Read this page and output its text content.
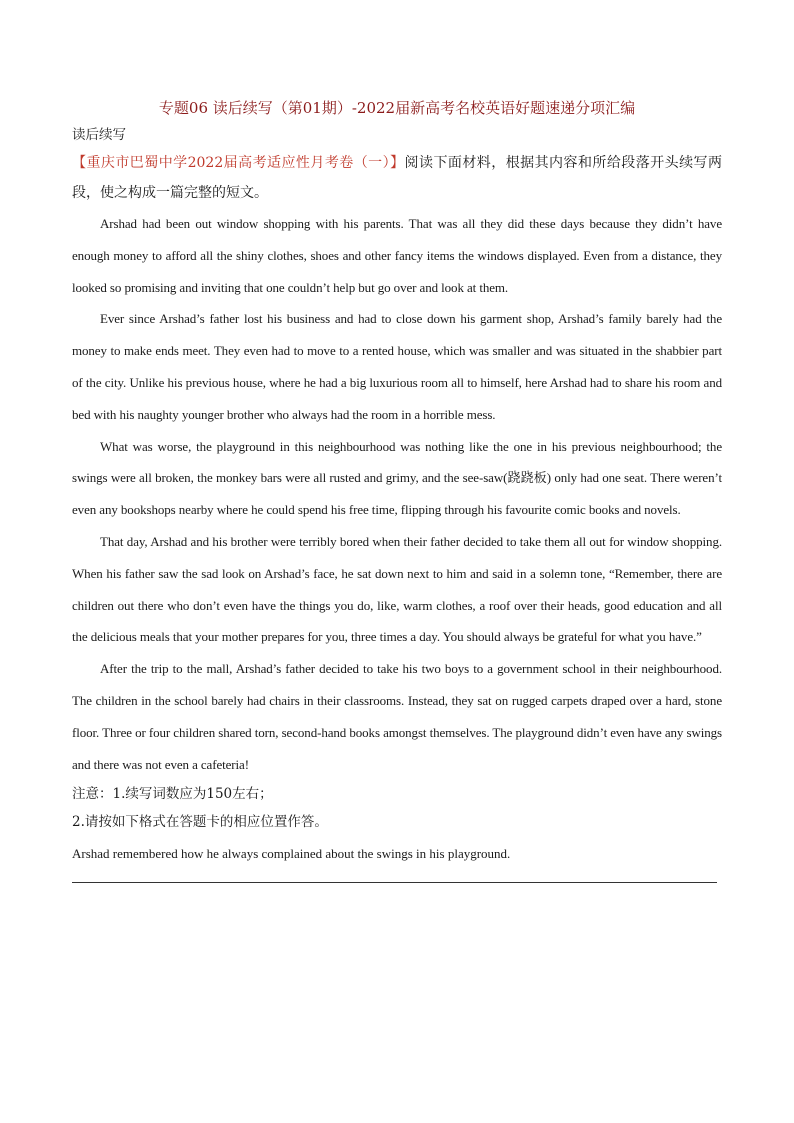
专题06 读后续写（第01期）-2022届新高考名校英语好题速递分项汇编

读后续写

【重庆市巴蜀中学2022届高考适应性月考卷（一）】阅读下面材料，根据其内容和所给段落开头续写两段，使之构成一篇完整的短文。

Arshad had been out window shopping with his parents. That was all they did these days because they didn’t have enough money to afford all the shiny clothes, shoes and other fancy items the windows displayed. Even from a distance, they looked so promising and inviting that one couldn’t help but go over and look at them.

Ever since Arshad’s father lost his business and had to close down his garment shop, Arshad’s family barely had the money to make ends meet. They even had to move to a rented house, which was smaller and was situated in the shabbier part of the city. Unlike his previous house, where he had a big luxurious room all to himself, here Arshad had to share his room and bed with his naughty younger brother who always had the room in a horrible mess.

What was worse, the playground in this neighbourhood was nothing like the one in his previous neighbourhood; the swings were all broken, the monkey bars were all rusted and grimy, and the see-saw(跷跷板) only had one seat. There weren’t even any bookshops nearby where he could spend his free time, flipping through his favourite comic books and novels.

That day, Arshad and his brother were terribly bored when their father decided to take them all out for window shopping. When his father saw the sad look on Arshad’s face, he sat down next to him and said in a solemn tone, “Remember, there are children out there who don’t even have the things you do, like, warm clothes, a roof over their heads, good education and all the delicious meals that your mother prepares for you, three times a day. You should always be grateful for what you have.”

After the trip to the mall, Arshad’s father decided to take his two boys to a government school in their neighbourhood. The children in the school barely had chairs in their classrooms. Instead, they sat on rugged carpets draped over a hard, stone floor. Three or four children shared torn, second-hand books amongst themselves. The playground didn’t even have any swings and there was not even a cafeteria!

注意：1.续写词数应为150左右；

2.请按如下格式在答题卡的相应位置作答。

Arshad remembered how he always complained about the swings in his playground.
